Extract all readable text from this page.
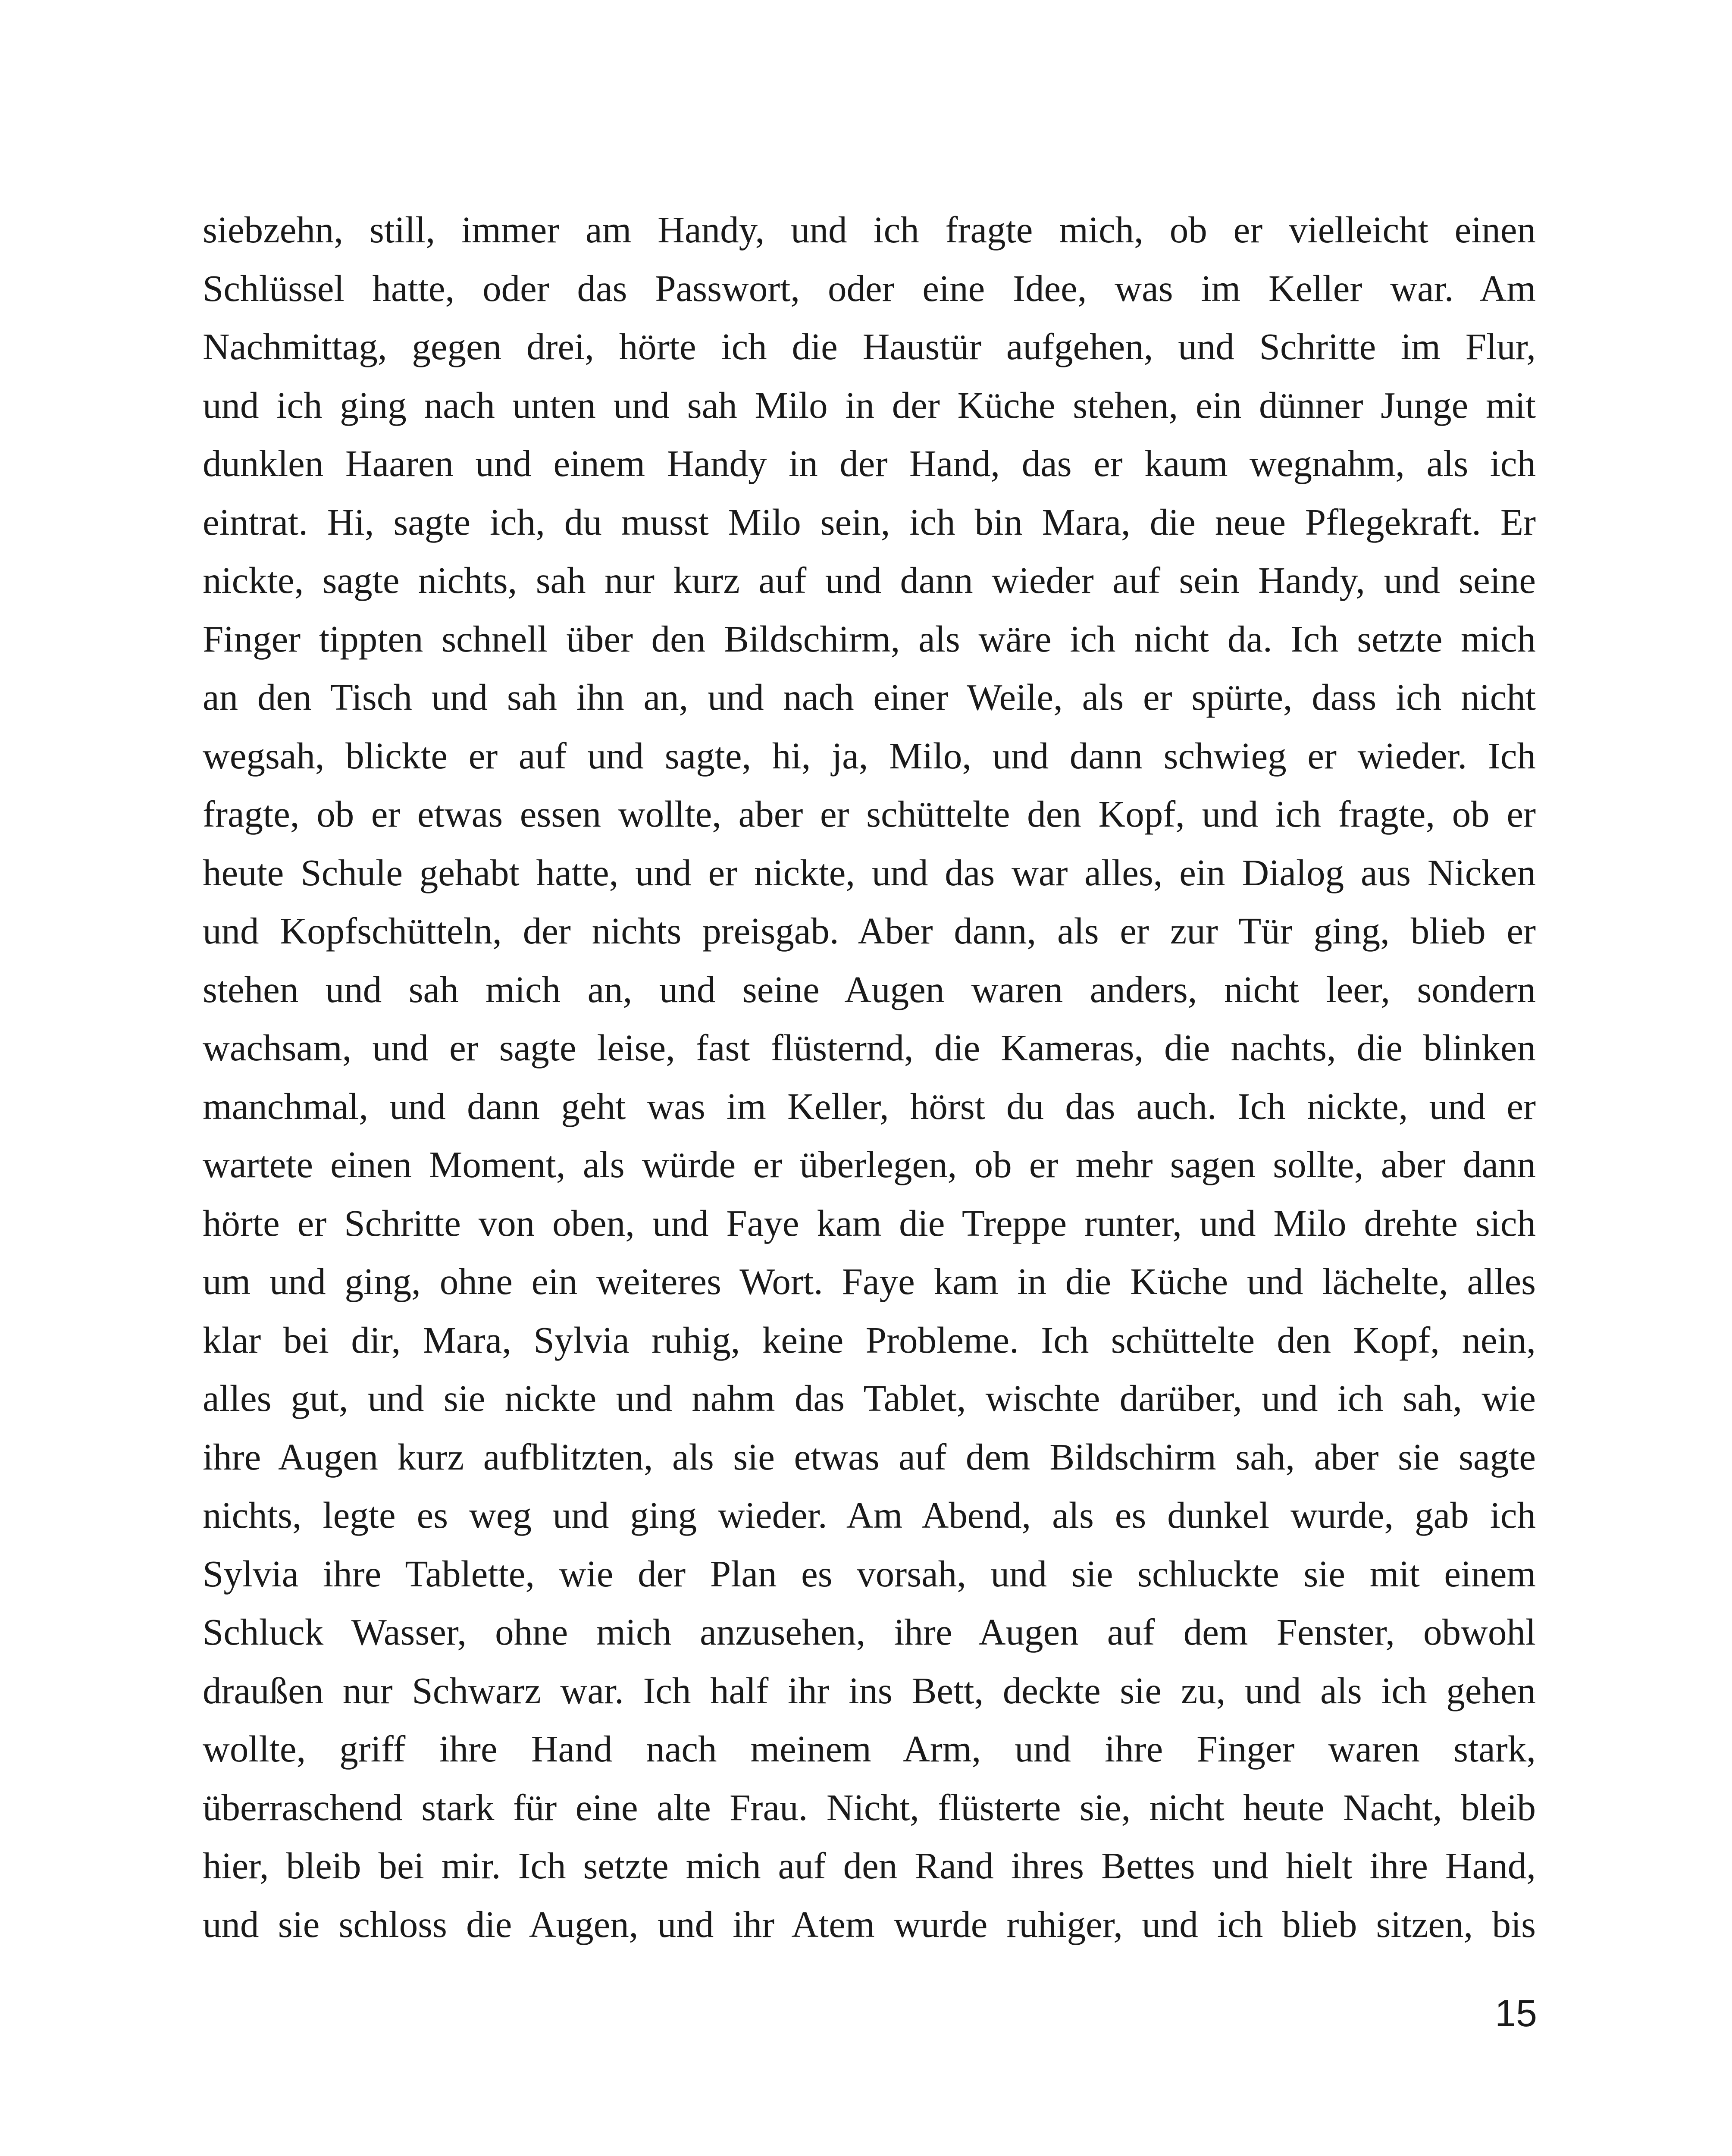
siebzehn, still, immer am Handy, und ich fragte mich, ob er vielleicht einen
Schlüssel hatte, oder das Passwort, oder eine Idee, was im Keller war. Am
Nachmittag, gegen drei, hörte ich die Haustür aufgehen, und Schritte im Flur,
und ich ging nach unten und sah Milo in der Küche stehen, ein dünner Junge mit
dunklen Haaren und einem Handy in der Hand, das er kaum wegnahm, als ich
eintrat. Hi, sagte ich, du musst Milo sein, ich bin Mara, die neue Pflegekraft. Er
nickte, sagte nichts, sah nur kurz auf und dann wieder auf sein Handy, und seine
Finger tippten schnell über den Bildschirm, als wäre ich nicht da. Ich setzte mich
an den Tisch und sah ihn an, und nach einer Weile, als er spürte, dass ich nicht
wegsah, blickte er auf und sagte, hi, ja, Milo, und dann schwieg er wieder. Ich
fragte, ob er etwas essen wollte, aber er schüttelte den Kopf, und ich fragte, ob er
heute Schule gehabt hatte, und er nickte, und das war alles, ein Dialog aus Nicken
und Kopfschütteln, der nichts preisgab. Aber dann, als er zur Tür ging, blieb er
stehen und sah mich an, und seine Augen waren anders, nicht leer, sondern
wachsam, und er sagte leise, fast flüsternd, die Kameras, die nachts, die blinken
manchmal, und dann geht was im Keller, hörst du das auch. Ich nickte, und er
wartete einen Moment, als würde er überlegen, ob er mehr sagen sollte, aber dann
hörte er Schritte von oben, und Faye kam die Treppe runter, und Milo drehte sich
um und ging, ohne ein weiteres Wort. Faye kam in die Küche und lächelte, alles
klar bei dir, Mara, Sylvia ruhig, keine Probleme. Ich schüttelte den Kopf, nein,
alles gut, und sie nickte und nahm das Tablet, wischte darüber, und ich sah, wie
ihre Augen kurz aufblitzten, als sie etwas auf dem Bildschirm sah, aber sie sagte
nichts, legte es weg und ging wieder. Am Abend, als es dunkel wurde, gab ich
Sylvia ihre Tablette, wie der Plan es vorsah, und sie schluckte sie mit einem
Schluck Wasser, ohne mich anzusehen, ihre Augen auf dem Fenster, obwohl
draußen nur Schwarz war. Ich half ihr ins Bett, deckte sie zu, und als ich gehen
wollte, griff ihre Hand nach meinem Arm, und ihre Finger waren stark,
überraschend stark für eine alte Frau. Nicht, flüsterte sie, nicht heute Nacht, bleib
hier, bleib bei mir. Ich setzte mich auf den Rand ihres Bettes und hielt ihre Hand,
und sie schloss die Augen, und ihr Atem wurde ruhiger, und ich blieb sitzen, bis
15
